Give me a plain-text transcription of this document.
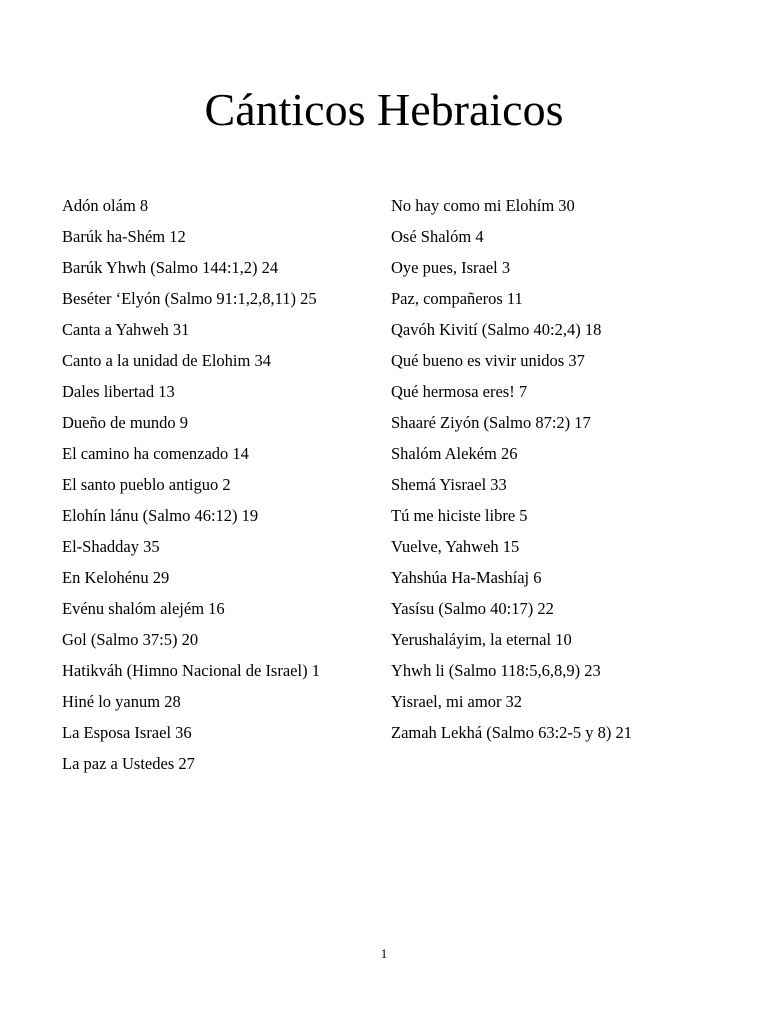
Cánticos Hebraicos
Adón olám 8
Barúk ha-Shém 12
Barúk Yhwh (Salmo 144:1,2) 24
Beséter ‘Elyón (Salmo 91:1,2,8,11) 25
Canta a Yahweh 31
Canto a la unidad de Elohim 34
Dales libertad 13
Dueño de mundo 9
El camino ha comenzado 14
El santo pueblo antiguo 2
Elohín lánu (Salmo 46:12) 19
El-Shadday 35
En Kelohénu 29
Evénu shalóm alejém 16
Gol (Salmo 37:5) 20
Hatikváh (Himno Nacional de Israel) 1
Hiné lo yanum 28
La Esposa Israel 36
La paz a Ustedes 27
No hay como mi Elohím 30
Osé Shalóm 4
Oye pues, Israel 3
Paz, compañeros 11
Qavóh Kivití (Salmo 40:2,4) 18
Qué bueno es vivir unidos 37
Qué hermosa eres! 7
Shaaré Ziyón (Salmo 87:2) 17
Shalóm Alekém 26
Shemá Yisrael 33
Tú me hiciste libre 5
Vuelve, Yahweh 15
Yahshúa Ha-Mashíaj 6
Yasísu (Salmo 40:17) 22
Yerushaláyim, la eternal 10
Yhwh li (Salmo 118:5,6,8,9) 23
Yisrael, mi amor 32
Zamah Lekhá (Salmo 63:2-5 y 8) 21
1
